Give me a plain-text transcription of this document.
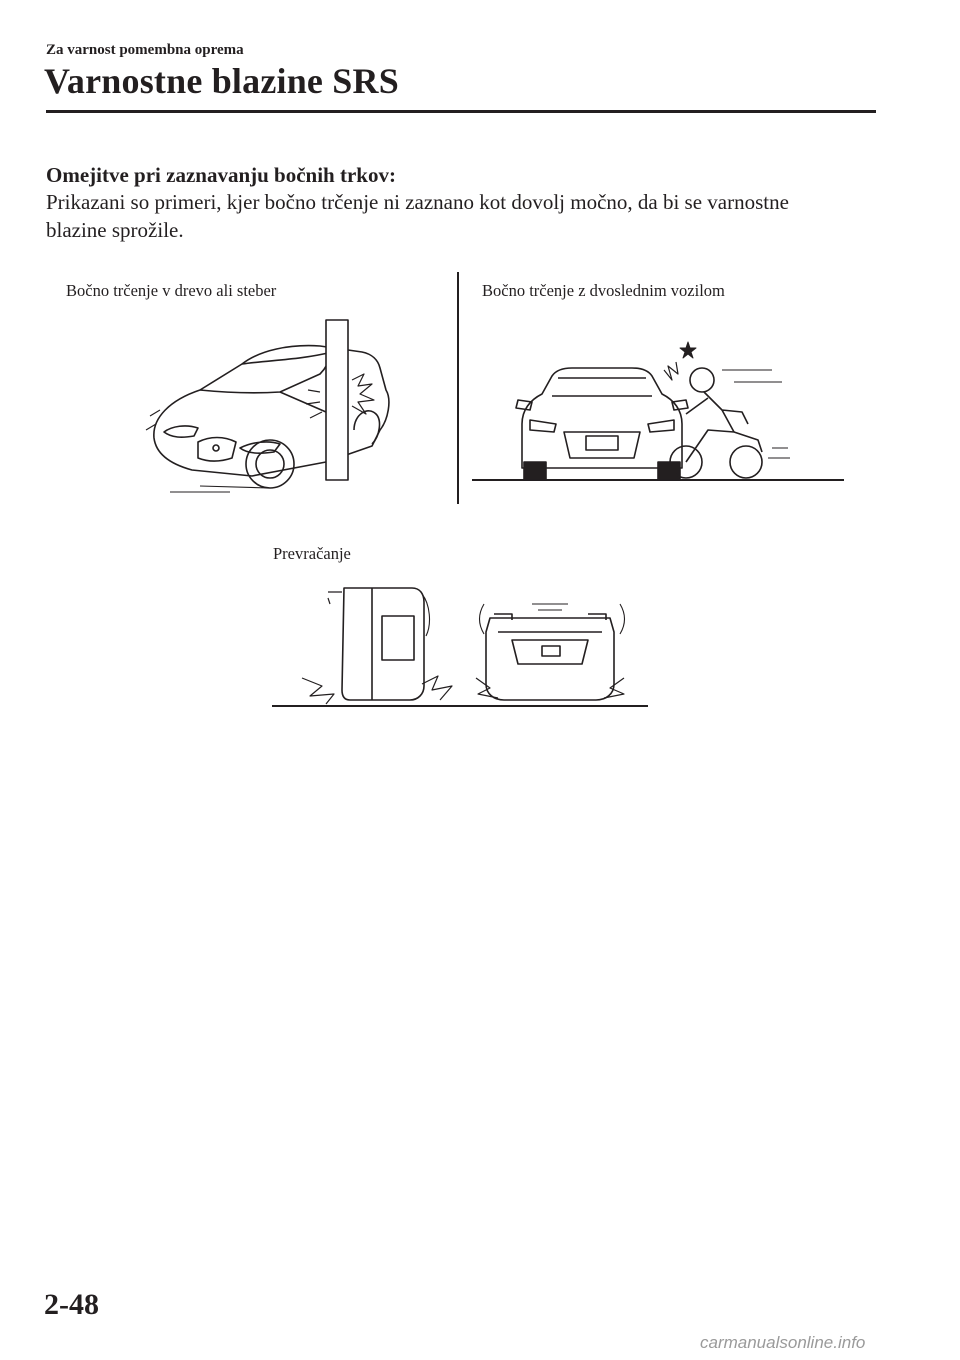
Za varnost pomembna oprema
Varnostne blazine SRS
Omejitve pri zaznavanju bočnih trkov:
Prikazani so primeri, kjer bočno trčenje ni zaznano kot dovolj močno, da bi se varnostne
blazine sprožile.
Bočno trčenje v drevo ali steber	Bočno trčenje z dvoslednim vozilom
Prevračanje
2-48
carmanualsonline.info
